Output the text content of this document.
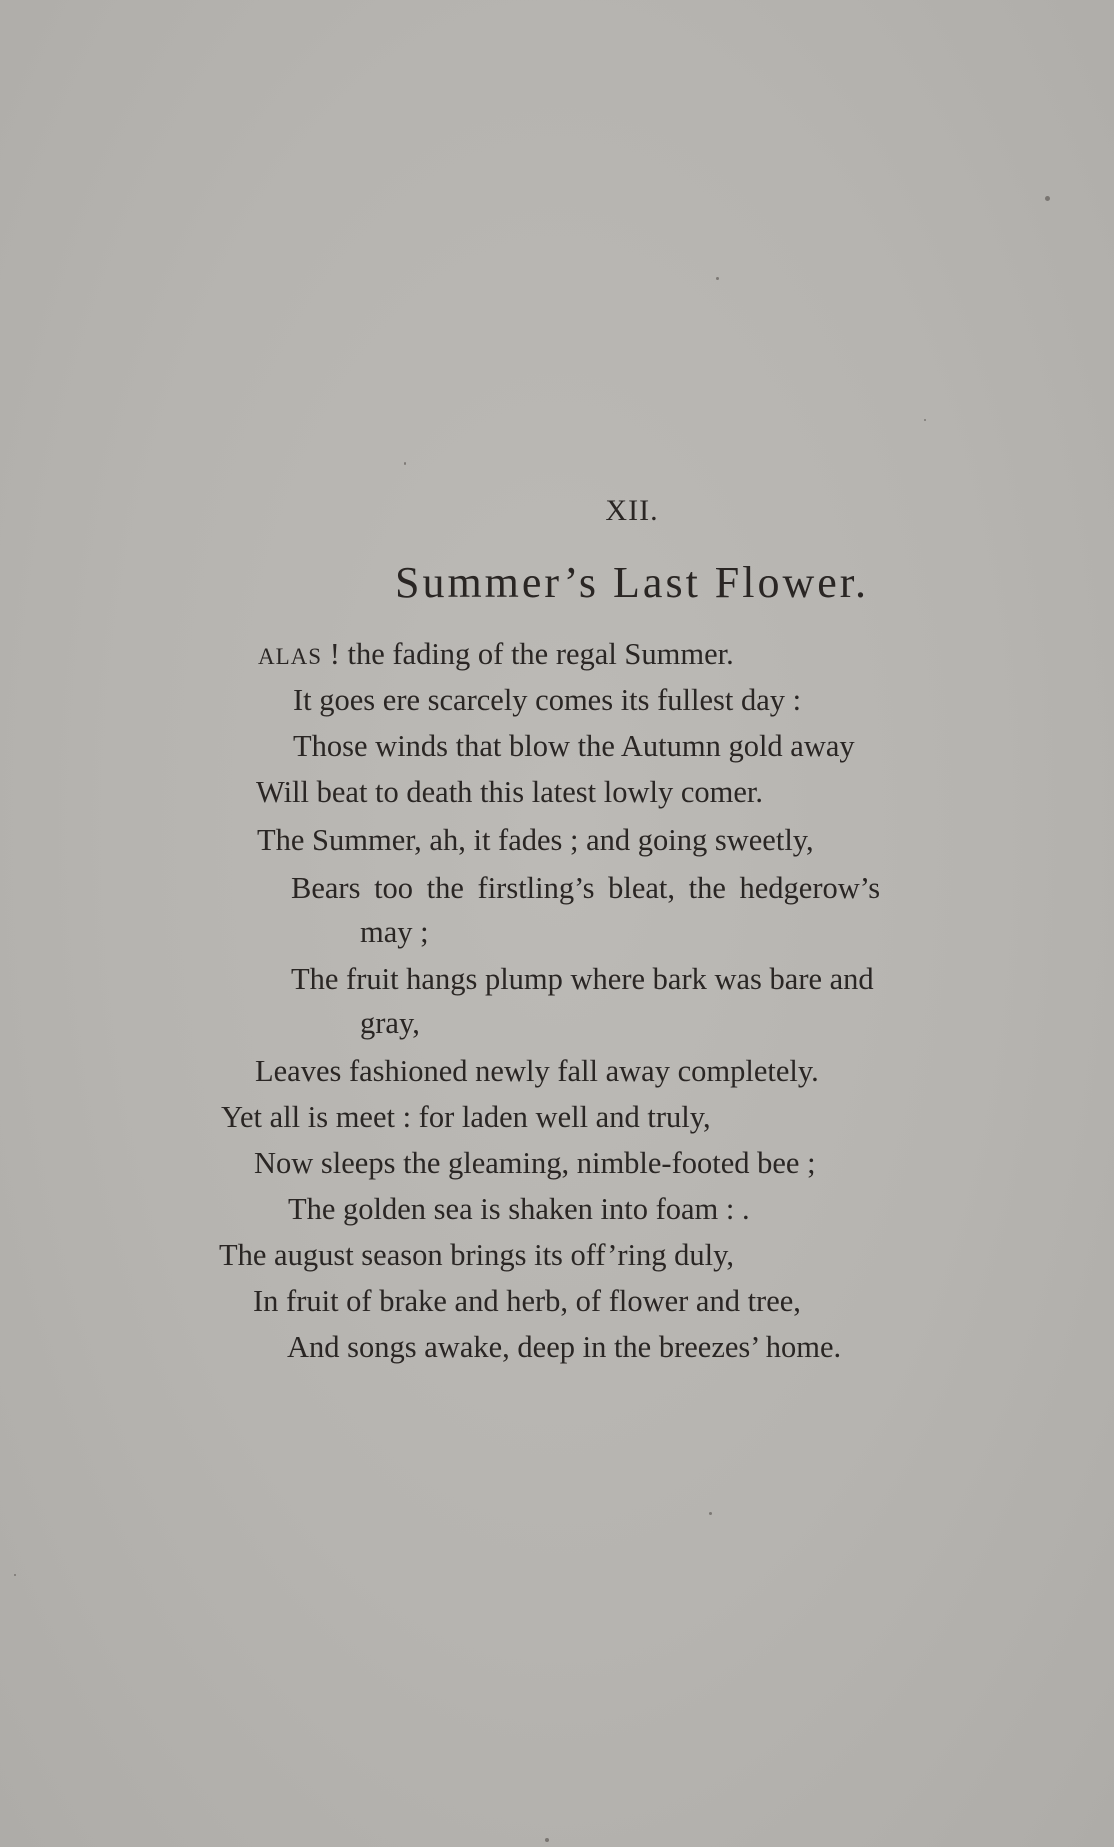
XII.
Summer’s Last Flower.
ALAS ! the fading of the regal Summer.
It goes ere scarcely comes its fullest day :
Those winds that blow the Autumn gold away
Will beat to death this latest lowly comer.
The Summer, ah, it fades ; and going sweetly,
Bears too the firstling’s bleat, the hedgerow’s
may ;
The fruit hangs plump where bark was bare and
gray,
Leaves fashioned newly fall away completely.
Yet all is meet : for laden well and truly,
Now sleeps the gleaming, nimble-footed bee ;
The golden sea is shaken into foam : .
The august season brings its off’ring duly,
In fruit of brake and herb, of flower and tree,
And songs awake, deep in the breezes’ home.
